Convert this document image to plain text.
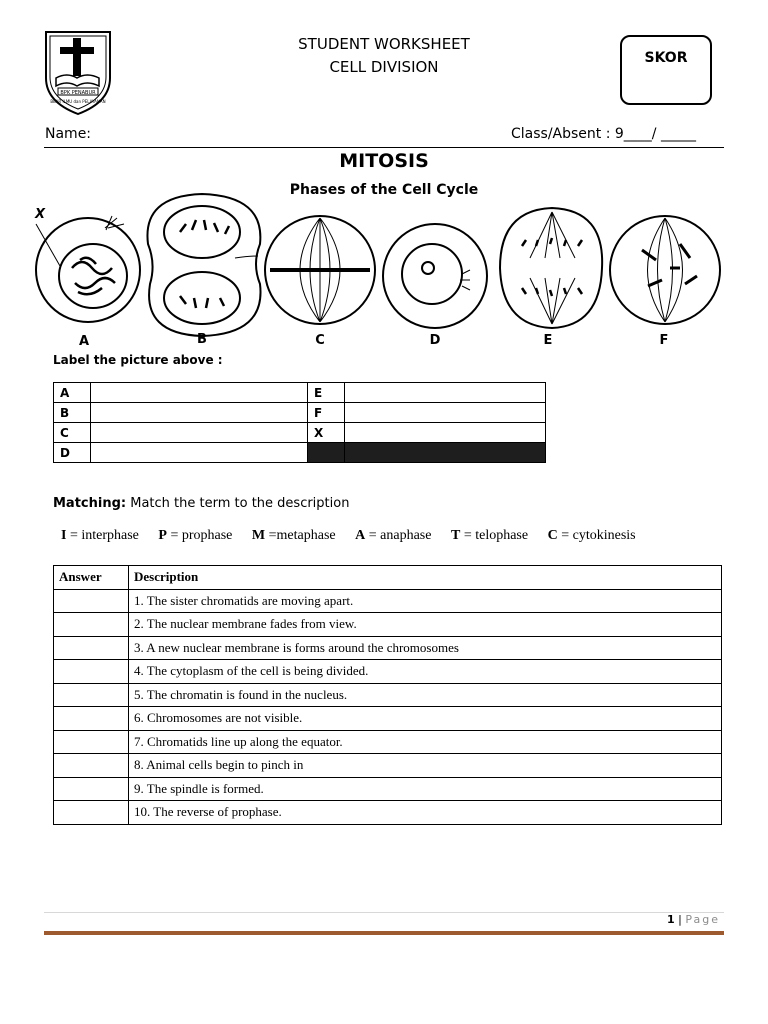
BPK PENABUR
BEAR ILMU dan PELAYANAN
STUDENT WORKSHEET
CELL DIVISION	SKOR
Name:	Class/Absent : 9____/ _____
MITOSIS
Phases of the Cell Cycle
X
A	B	C	D	E	F
Label the picture above :
A		E	
B		F	
C		X	
D			
Matching: Match the term to the description
I = interphase P = prophase M =metaphase A = anaphase T = telophase C = cytokinesis
Answer	Description
	1. The sister chromatids are moving apart.
	2. The nuclear membrane fades from view.
	3. A new nuclear membrane is forms around the chromosomes
	4. The cytoplasm of the cell is being divided.
	5. The chromatin is found in the nucleus.
	6. Chromosomes are not visible.
	7. Chromatids line up along the equator.
	8. Animal cells begin to pinch in
	9. The spindle is formed.
	10. The reverse of prophase.
1 | Page
